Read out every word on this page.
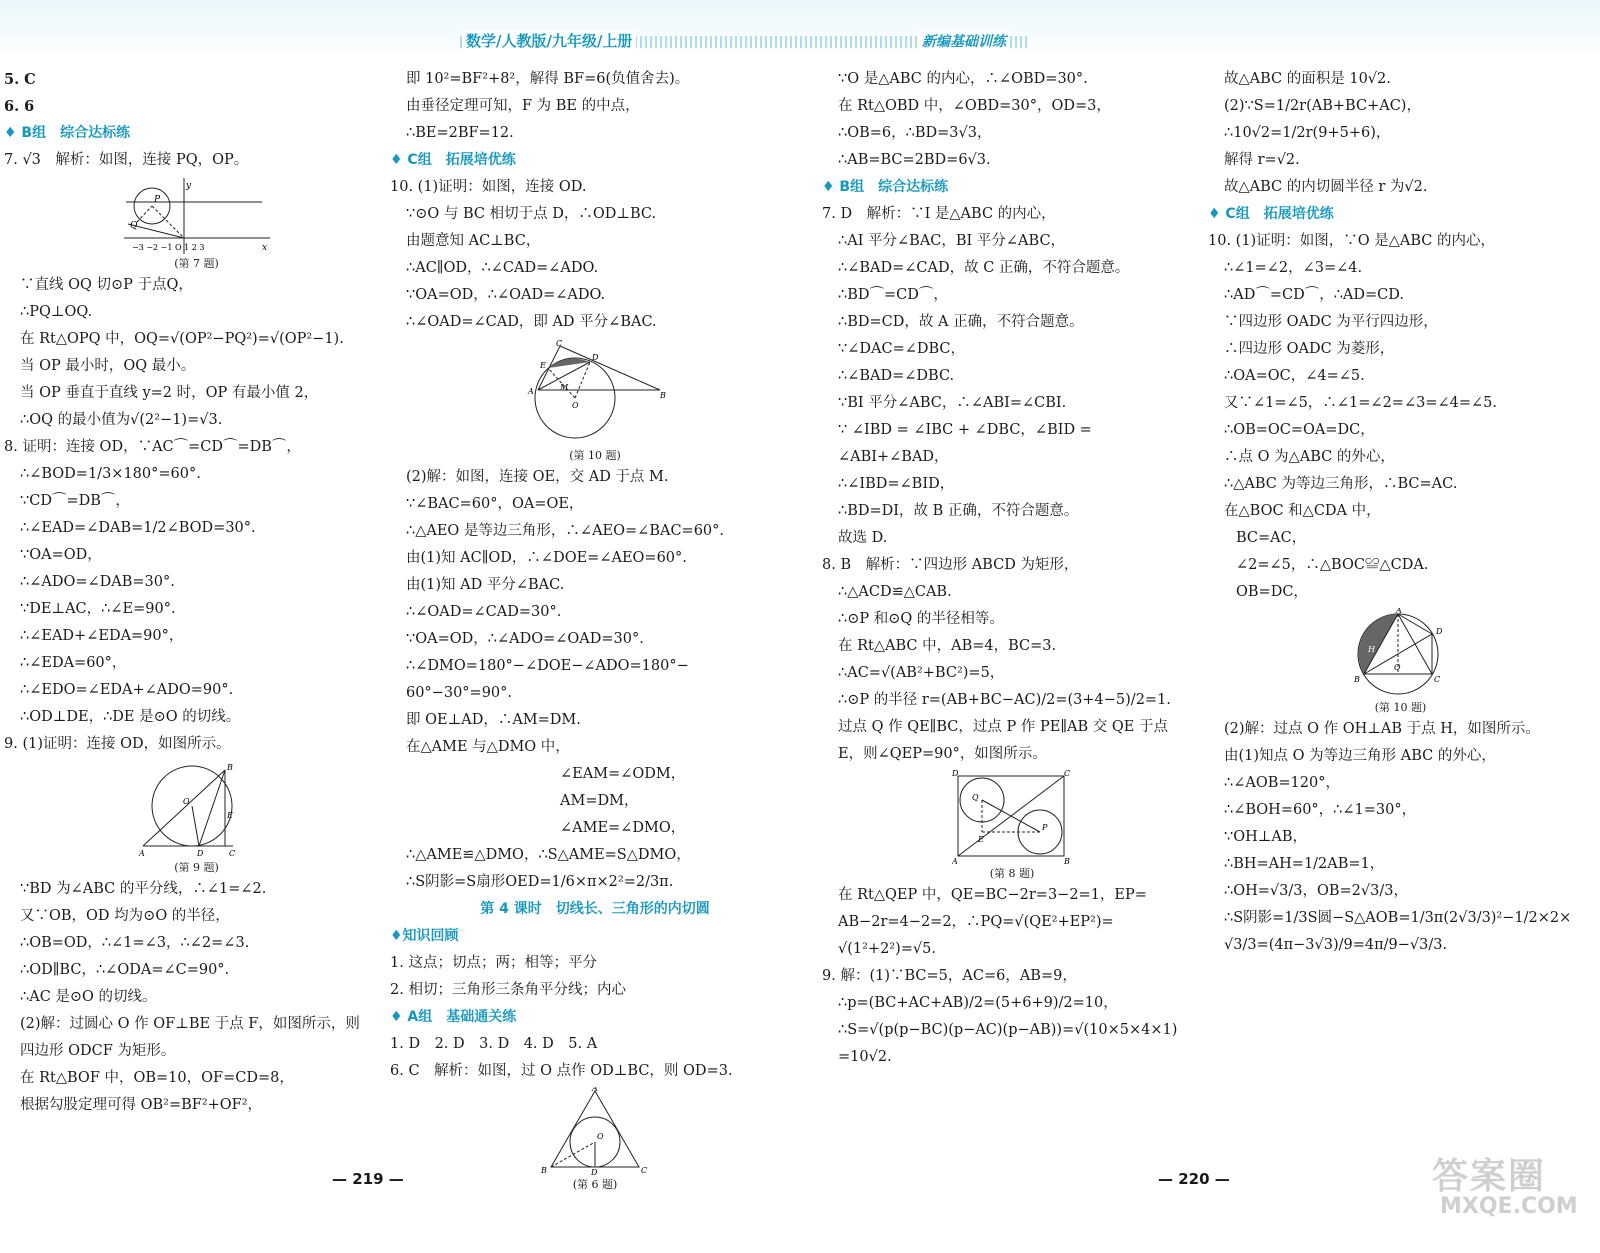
数学/人教版/九年级/上册	新编基础训练
5. C
6. 6
♦ B组　综合达标练
7. √3　解析：如图，连接 PQ，OP。
P
Q
y
x
−3 −2 −1 O 1 2 3
(第 7 题)
∵直线 OQ 切⊙P 于点Q，
∴PQ⊥OQ.
在 Rt△OPQ 中，OQ=√(OP²−PQ²)=√(OP²−1).
当 OP 最小时，OQ 最小。
当 OP 垂直于直线 y=2 时，OP 有最小值 2，
∴OQ 的最小值为√(2²−1)=√3.
8. 证明：连接 OD，∵AC⌒=CD⌒=DB⌒，
∴∠BOD=1/3×180°=60°.
∵CD⌒=DB⌒，
∴∠EAD=∠DAB=1/2∠BOD=30°.
∵OA=OD，
∴∠ADO=∠DAB=30°.
∵DE⊥AC，∴∠E=90°.
∴∠EAD+∠EDA=90°，
∴∠EDA=60°，
∴∠EDO=∠EDA+∠ADO=90°.
∴OD⊥DE，∴DE 是⊙O 的切线。
9. (1)证明：连接 OD，如图所示。
A
B
C
D
E
O
(第 9 题)
∵BD 为∠ABC 的平分线，∴∠1=∠2.
又∵OB，OD 均为⊙O 的半径，
∴OB=OD，∴∠1=∠3，∴∠2=∠3.
∴OD∥BC，∴∠ODA=∠C=90°.
∴AC 是⊙O 的切线。
(2)解：过圆心 O 作 OF⊥BE 于点 F，如图所示，则
四边形 ODCF 为矩形。
在 Rt△BOF 中，OB=10，OF=CD=8，
根据勾股定理可得 OB²=BF²+OF²，
即 10²=BF²+8²，解得 BF=6(负值舍去)。
由垂径定理可知，F 为 BE 的中点，
∴BE=2BF=12.
♦ C组　拓展培优练
10. (1)证明：如图，连接 OD.
∵⊙O 与 BC 相切于点 D，∴OD⊥BC.
由题意知 AC⊥BC，
∴AC∥OD，∴∠CAD=∠ADO.
∵OA=OD，∴∠OAD=∠ADO.
∴∠OAD=∠CAD，即 AD 平分∠BAC.
C
D
E
A	B
M
O
(第 10 题)
(2)解：如图，连接 OE，交 AD 于点 M.
∵∠BAC=60°，OA=OE，
∴△AEO 是等边三角形，∴∠AEO=∠BAC=60°.
由(1)知 AC∥OD，∴∠DOE=∠AEO=60°.
由(1)知 AD 平分∠BAC.
∴∠OAD=∠CAD=30°.
∵OA=OD，∴∠ADO=∠OAD=30°.
∴∠DMO=180°−∠DOE−∠ADO=180°−
60°−30°=90°.
即 OE⊥AD，∴AM=DM.
在△AME 与△DMO 中，
∠EAM=∠ODM，
AM=DM，
∠AME=∠DMO，
∴△AME≌△DMO，∴S△AME=S△DMO，
∴S阴影=S扇形OED=1/6×π×2²=2/3π.
第 4 课时　切线长、三角形的内切圆
♦知识回顾
1. 这点；切点；两；相等；平分
2. 相切；三角形三条角平分线；内心
♦ A组　基础通关练
1. D　2. D　3. D　4. D　5. A
6. C　解析：如图，过 O 点作 OD⊥BC，则 OD=3.
A
B	C
D
O
(第 6 题)
∵O 是△ABC 的内心，∴∠OBD=30°.
在 Rt△OBD 中，∠OBD=30°，OD=3，
∴OB=6，∴BD=3√3，
∴AB=BC=2BD=6√3.
♦ B组　综合达标练
7. D　解析：∵I 是△ABC 的内心，
∴AI 平分∠BAC，BI 平分∠ABC，
∴∠BAD=∠CAD，故 C 正确，不符合题意。
∴BD⌒=CD⌒，
∴BD=CD，故 A 正确，不符合题意。
∵∠DAC=∠DBC，
∴∠BAD=∠DBC.
∵BI 平分∠ABC，∴∠ABI=∠CBI.
∵ ∠IBD = ∠IBC + ∠DBC，∠BID =
∠ABI+∠BAD，
∴∠IBD=∠BID，
∴BD=DI，故 B 正确，不符合题意。
故选 D.
8. B　解析：∵四边形 ABCD 为矩形，
∴△ACD≌△CAB.
∴⊙P 和⊙Q 的半径相等。
在 Rt△ABC 中，AB=4，BC=3.
∴AC=√(AB²+BC²)=5，
∴⊙P 的半径 r=(AB+BC−AC)/2=(3+4−5)/2=1.
过点 Q 作 QE∥BC，过点 P 作 PE∥AB 交 QE 于点
E，则∠QEP=90°，如图所示。
D	C
A	B
Q
P
E
(第 8 题)
在 Rt△QEP 中，QE=BC−2r=3−2=1，EP=
AB−2r=4−2=2，∴PQ=√(QE²+EP²)=
√(1²+2²)=√5.
9. 解：(1)∵BC=5，AC=6，AB=9，
∴p=(BC+AC+AB)/2=(5+6+9)/2=10，
∴S=√(p(p−BC)(p−AC)(p−AB))=√(10×5×4×1)
=10√2.
故△ABC 的面积是 10√2.
(2)∵S=1/2r(AB+BC+AC)，
∴10√2=1/2r(9+5+6)，
解得 r=√2.
故△ABC 的内切圆半径 r 为√2.
♦ C组　拓展培优练
10. (1)证明：如图，∵O 是△ABC 的内心，
∴∠1=∠2，∠3=∠4.
∴AD⌒=CD⌒，∴AD=CD.
∵四边形 OADC 为平行四边形，
∴四边形 OADC 为菱形，
∴OA=OC，∠4=∠5.
又∵∠1=∠5，∴∠1=∠2=∠3=∠4=∠5.
∴OB=OC=OA=DC，
∴点 O 为△ABC 的外心，
∴△ABC 为等边三角形，∴BC=AC.
在△BOC 和△CDA 中，
BC=AC，
∠2=∠5，∴△BOC≌△CDA.
OB=DC，
A
B	C
D
O
H
(第 10 题)
(2)解：过点 O 作 OH⊥AB 于点 H，如图所示。
由(1)知点 O 为等边三角形 ABC 的外心，
∴∠AOB=120°，
∴∠BOH=60°，∴∠1=30°，
∵OH⊥AB，
∴BH=AH=1/2AB=1，
∴OH=√3/3，OB=2√3/3，
∴S阴影=1/3S圆−S△AOB=1/3π(2√3/3)²−1/2×2×
√3/3=(4π−3√3)/9=4π/9−√3/3.
— 219 —	— 220 —	答案圈
MXQE.COM
